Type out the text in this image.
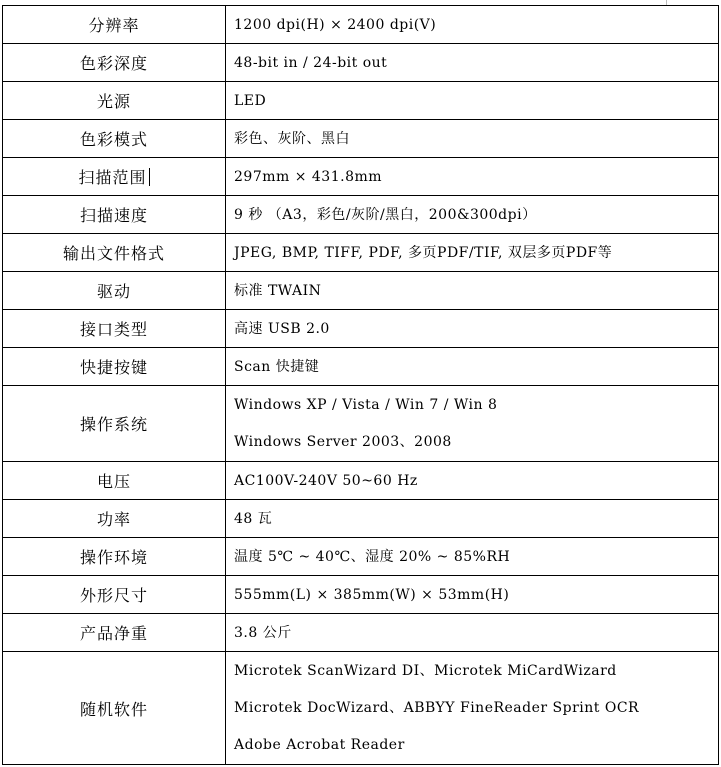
分辨率	1200 dpi(H) × 2400 dpi(V)

色彩深度	48-bit in / 24-bit out

光源	LED

色彩模式	彩色、灰阶、黑白

扫描范围	297mm × 431.8mm

扫描速度	9 秒 （A3，彩色/灰阶/黑白，200&300dpi）

输出文件格式	JPEG, BMP, TIFF, PDF, 多页PDF/TIF, 双层多页PDF等

驱动	标准 TWAIN

接口类型	高速 USB 2.0

快捷按键	Scan 快捷键

操作系统	Windows XP / Vista / Win 7 / Win 8
Windows Server 2003、2008

电压	AC100V-240V 50~60 Hz

功率	48 瓦

操作环境	温度 5℃ ~ 40℃、湿度 20% ~ 85%RH

外形尺寸	555mm(L) × 385mm(W) × 53mm(H)

产品净重	3.8 公斤

随机软件	Microtek ScanWizard DI、Microtek MiCardWizard
Microtek DocWizard、ABBYY FineReader Sprint OCR
Adobe Acrobat Reader
